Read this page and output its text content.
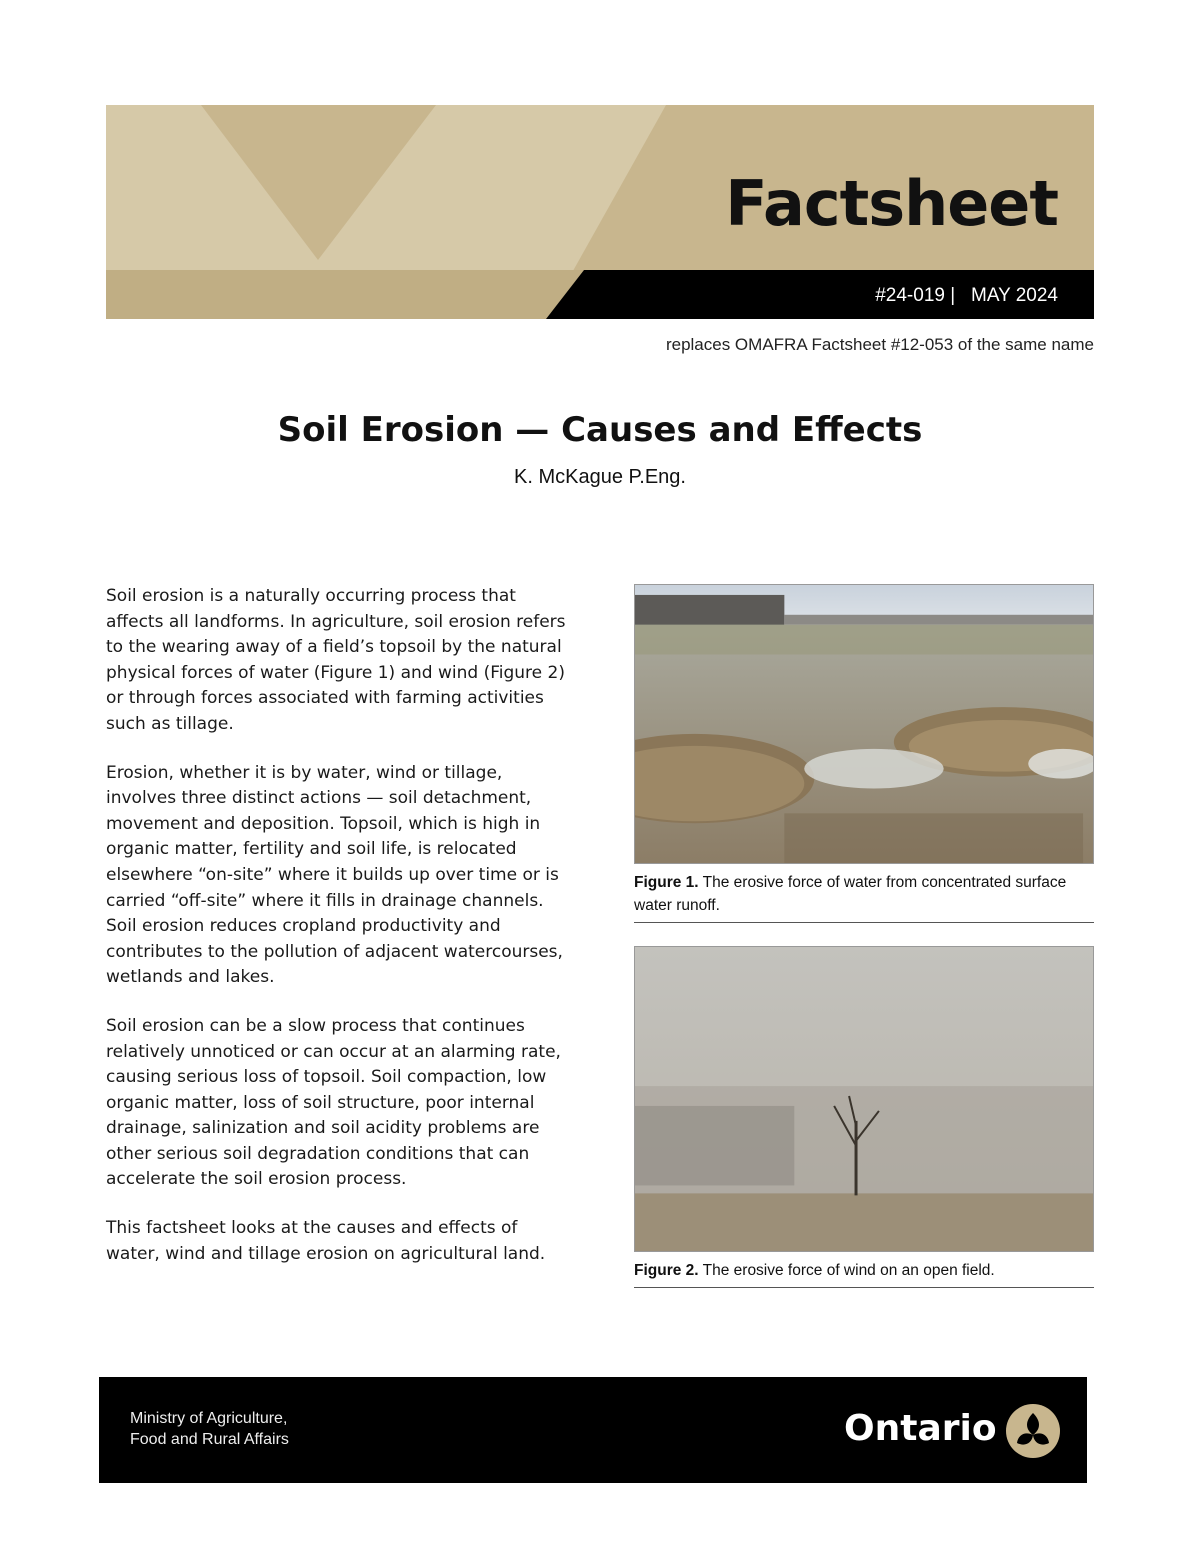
Factsheet
#24-019 | MAY 2024
replaces OMAFRA Factsheet #12-053 of the same name
Soil Erosion — Causes and Effects
K. McKague P.Eng.

Soil erosion is a naturally occurring process that affects all landforms. In agriculture, soil erosion refers to the wearing away of a field’s topsoil by the natural physical forces of water (Figure 1) and wind (Figure 2) or through forces associated with farming activities such as tillage.

Erosion, whether it is by water, wind or tillage, involves three distinct actions — soil detachment, movement and deposition. Topsoil, which is high in organic matter, fertility and soil life, is relocated elsewhere “on-site” where it builds up over time or is carried “off-site” where it fills in drainage channels. Soil erosion reduces cropland productivity and contributes to the pollution of adjacent watercourses, wetlands and lakes.

Soil erosion can be a slow process that continues relatively unnoticed or can occur at an alarming rate, causing serious loss of topsoil. Soil compaction, low organic matter, loss of soil structure, poor internal drainage, salinization and soil acidity problems are other serious soil degradation conditions that can accelerate the soil erosion process.

This factsheet looks at the causes and effects of water, wind and tillage erosion on agricultural land.

Figure 1. The erosive force of water from concentrated surface water runoff.
Figure 2. The erosive force of wind on an open field.
Ministry of Agriculture,
Food and Rural Affairs	Ontario
